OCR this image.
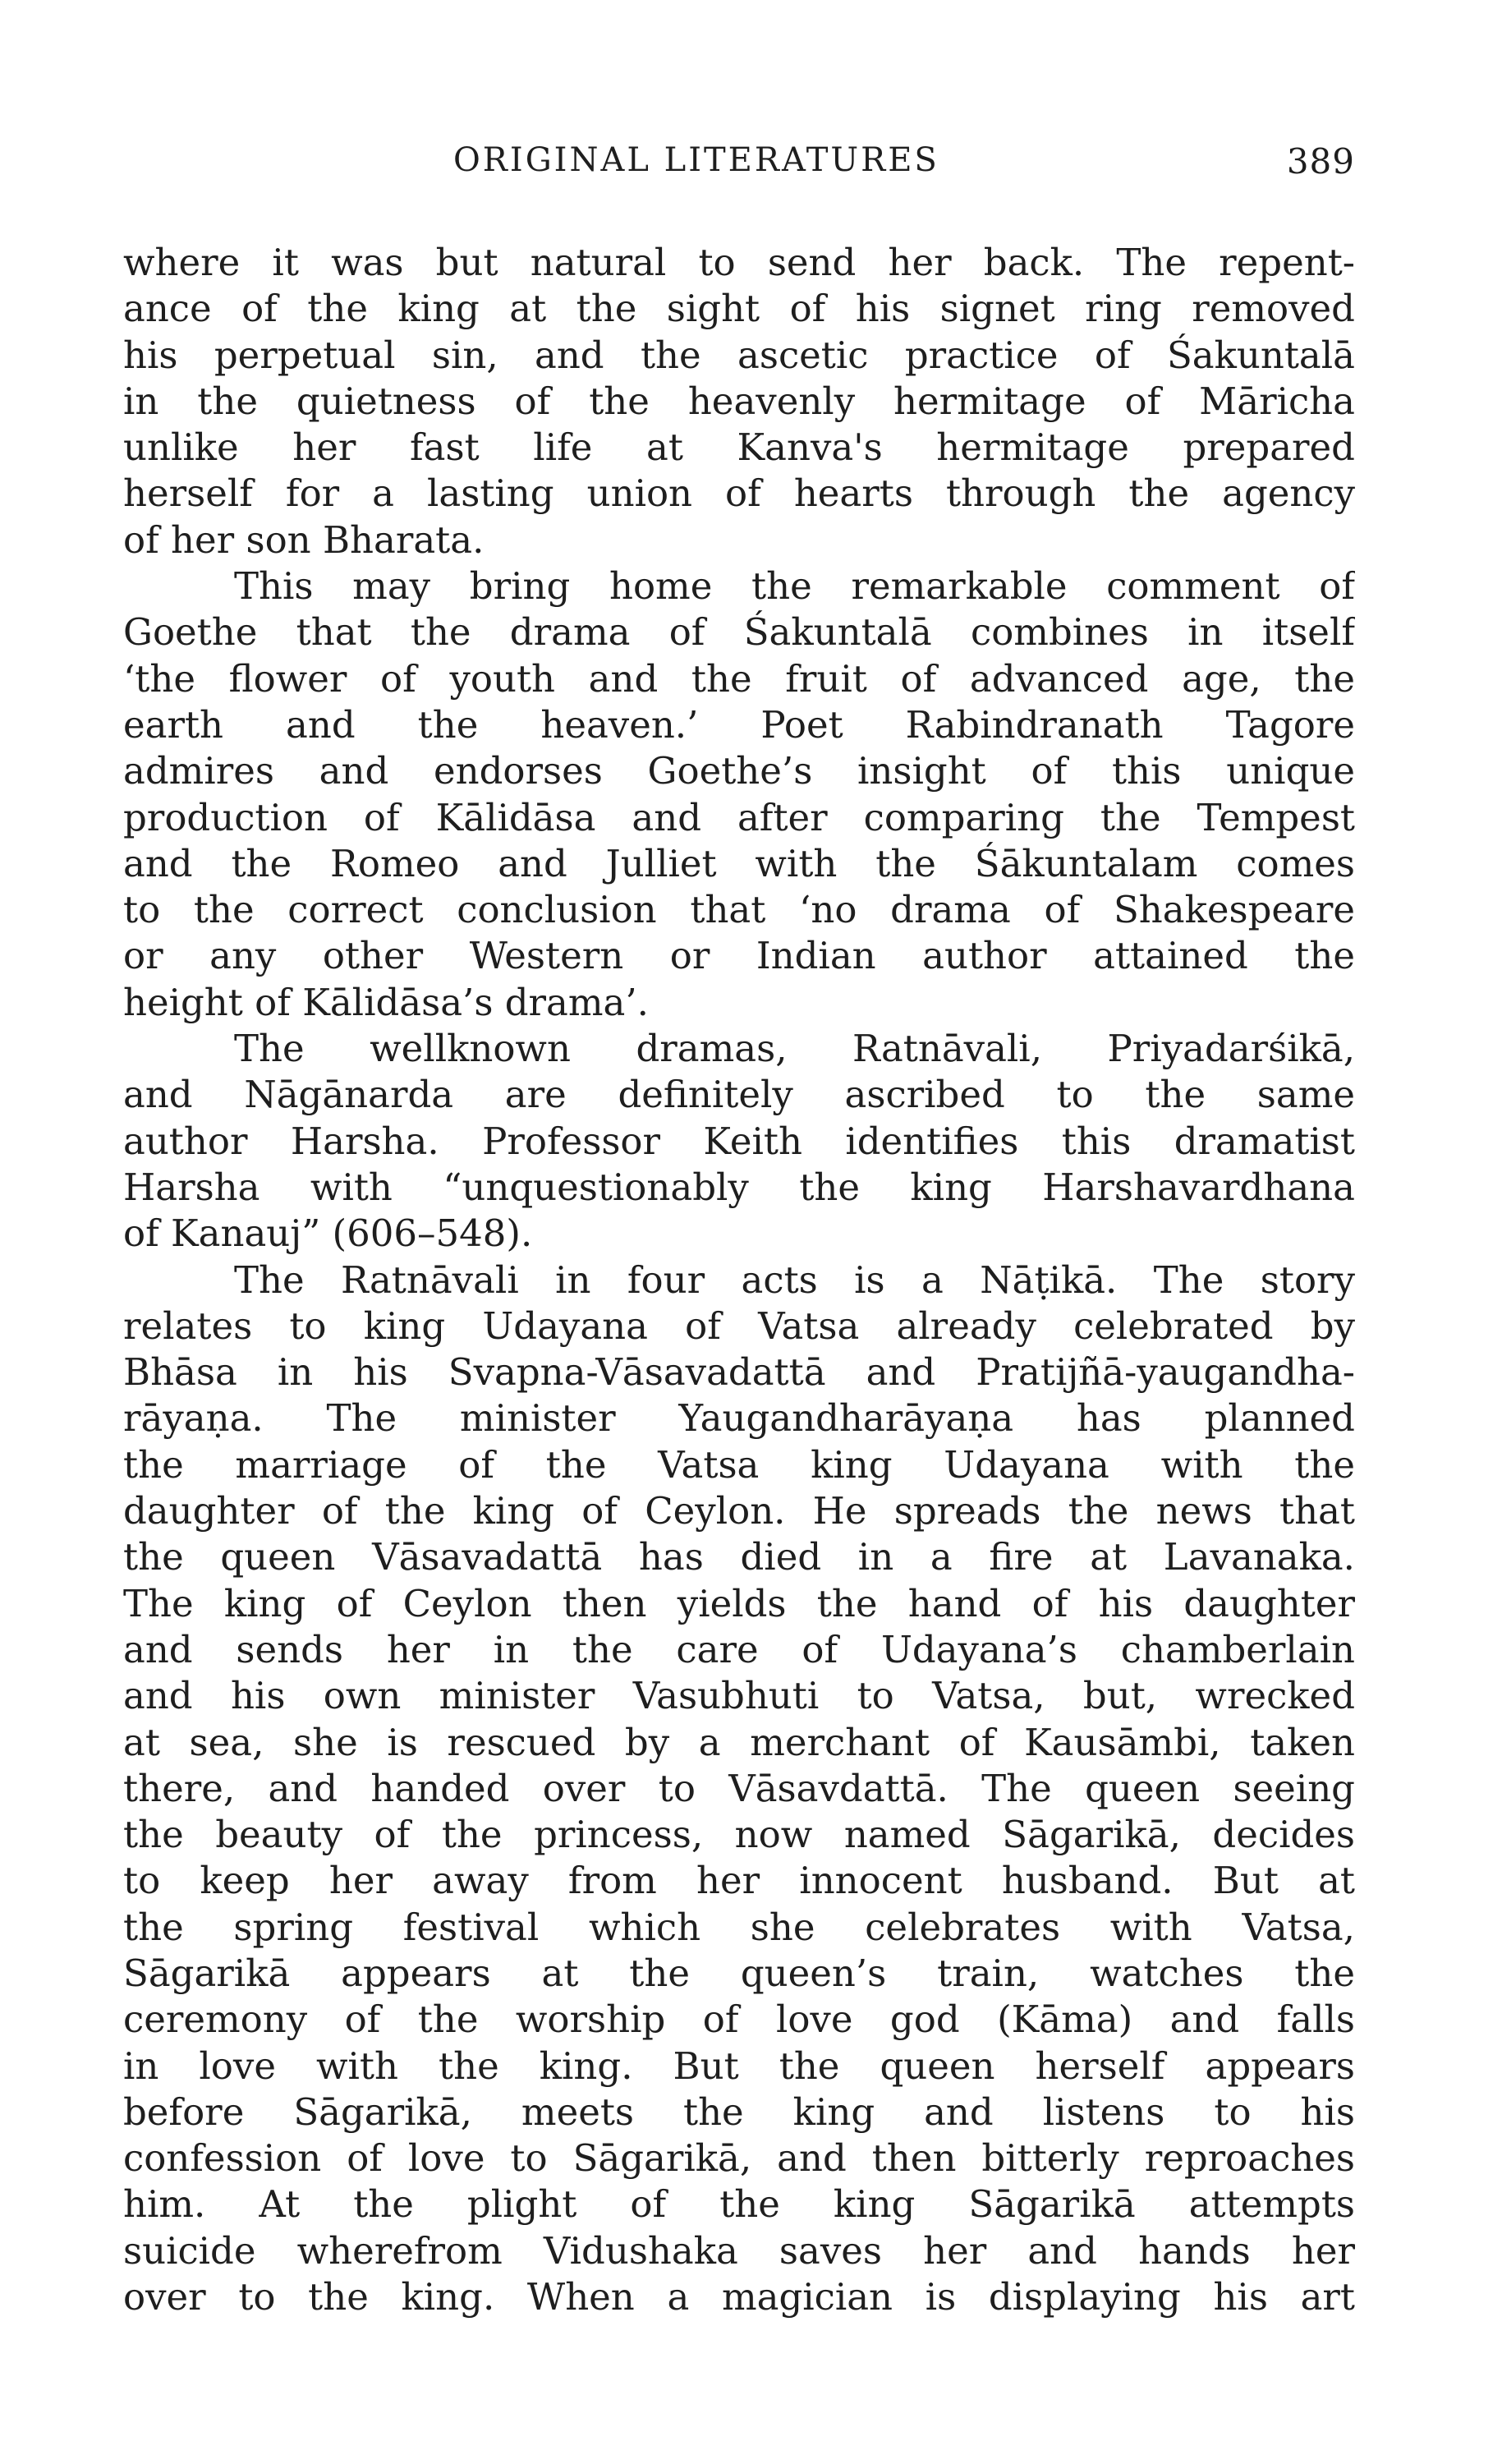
ORIGINAL LITERATURES	389
where it was but natural to send her back. The repent-
ance of the king at the sight of his signet ring removed
his perpetual sin, and the ascetic practice of Śakuntalā
in the quietness of the heavenly hermitage of Māricha
unlike her fast life at Kanva's hermitage prepared
herself for a lasting union of hearts through the agency
of her son Bharata.
This may bring home the remarkable comment of
Goethe that the drama of Śakuntalā combines in itself
‘the flower of youth and the fruit of advanced age, the
earth and the heaven.’ Poet Rabindranath Tagore
admires and endorses Goethe’s insight of this unique
production of Kālidāsa and after comparing the Tempest
and the Romeo and Julliet with the Śākuntalam comes
to the correct conclusion that ‘no drama of Shakespeare
or any other Western or Indian author attained the
height of Kālidāsa’s drama’.
The wellknown dramas, Ratnāvali, Priyadarśikā,
and Nāgānarda are definitely ascribed to the same
author Harsha. Professor Keith identifies this dramatist
Harsha with “unquestionably the king Harshavardhana
of Kanauj” (606–548).
The Ratnāvali in four acts is a Nāṭikā. The story
relates to king Udayana of Vatsa already celebrated by
Bhāsa in his Svapna-Vāsavadattā and Pratijñā-yaugandha-
rāyaṇa. The minister Yaugandharāyaṇa has planned
the marriage of the Vatsa king Udayana with the
daughter of the king of Ceylon. He spreads the news that
the queen Vāsavadattā has died in a fire at Lavanaka.
The king of Ceylon then yields the hand of his daughter
and sends her in the care of Udayana’s chamberlain
and his own minister Vasubhuti to Vatsa, but, wrecked
at sea, she is rescued by a merchant of Kausāmbi, taken
there, and handed over to Vāsavdattā. The queen seeing
the beauty of the princess, now named Sāgarikā, decides
to keep her away from her innocent husband. But at
the spring festival which she celebrates with Vatsa,
Sāgarikā appears at the queen’s train, watches the
ceremony of the worship of love god (Kāma) and falls
in love with the king. But the queen herself appears
before Sāgarikā, meets the king and listens to his
confession of love to Sāgarikā, and then bitterly reproaches
him. At the plight of the king Sāgarikā attempts
suicide wherefrom Vidushaka saves her and hands her
over to the king. When a magician is displaying his art
